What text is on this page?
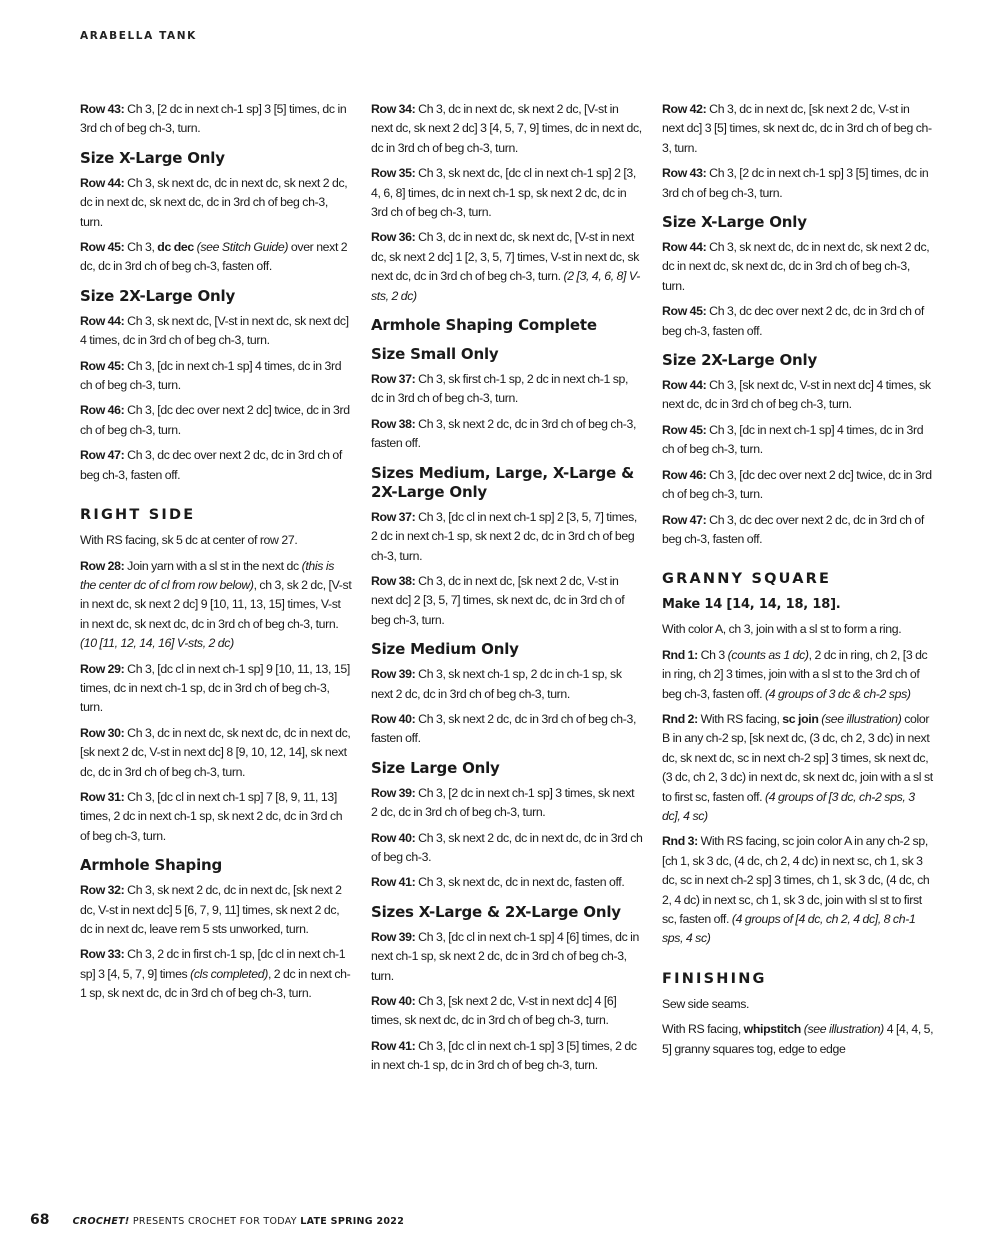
ARABELLA TANK

Row 43: Ch 3, [2 dc in next ch-1 sp] 3 [5] times, dc in 3rd ch of beg ch-3, turn.

Size X-Large Only

Row 44: Ch 3, sk next dc, dc in next dc, sk next 2 dc, dc in next dc, sk next dc, dc in 3rd ch of beg ch-3, turn.

Row 45: Ch 3, dc dec (see Stitch Guide) over next 2 dc, dc in 3rd ch of beg ch-3, fasten off.

Size 2X-Large Only

Row 44: Ch 3, sk next dc, [V-st in next dc, sk next dc] 4 times, dc in 3rd ch of beg ch-3, turn.

Row 45: Ch 3, [dc in next ch-1 sp] 4 times, dc in 3rd ch of beg ch-3, turn.

Row 46: Ch 3, [dc dec over next 2 dc] twice, dc in 3rd ch of beg ch-3, turn.

Row 47: Ch 3, dc dec over next 2 dc, dc in 3rd ch of beg ch-3, fasten off.

RIGHT SIDE

With RS facing, sk 5 dc at center of row 27.

Row 28: Join yarn with a sl st in the next dc (this is the center dc of cl from row below), ch 3, sk 2 dc, [V-st in next dc, sk next 2 dc] 9 [10, 11, 13, 15] times, V-st in next dc, sk next dc, dc in 3rd ch of beg ch-3, turn. (10 [11, 12, 14, 16] V-sts, 2 dc)

Row 29: Ch 3, [dc cl in next ch-1 sp] 9 [10, 11, 13, 15] times, dc in next ch-1 sp, dc in 3rd ch of beg ch-3, turn.

Row 30: Ch 3, dc in next dc, sk next dc, dc in next dc, [sk next 2 dc, V-st in next dc] 8 [9, 10, 12, 14], sk next dc, dc in 3rd ch of beg ch-3, turn.

Row 31: Ch 3, [dc cl in next ch-1 sp] 7 [8, 9, 11, 13] times, 2 dc in next ch-1 sp, sk next 2 dc, dc in 3rd ch of beg ch-3, turn.

Armhole Shaping

Row 32: Ch 3, sk next 2 dc, dc in next dc, [sk next 2 dc, V-st in next dc] 5 [6, 7, 9, 11] times, sk next 2 dc, dc in next dc, leave rem 5 sts unworked, turn.

Row 33: Ch 3, 2 dc in first ch-1 sp, [dc cl in next ch-1 sp] 3 [4, 5, 7, 9] times (cls completed), 2 dc in next ch-1 sp, sk next dc, dc in 3rd ch of beg ch-3, turn.

Row 34: Ch 3, dc in next dc, sk next 2 dc, [V-st in next dc, sk next 2 dc] 3 [4, 5, 7, 9] times, dc in next dc, dc in 3rd ch of beg ch-3, turn.

Row 35: Ch 3, sk next dc, [dc cl in next ch-1 sp] 2 [3, 4, 6, 8] times, dc in next ch-1 sp, sk next 2 dc, dc in 3rd ch of beg ch-3, turn.

Row 36: Ch 3, dc in next dc, sk next dc, [V-st in next dc, sk next 2 dc] 1 [2, 3, 5, 7] times, V-st in next dc, sk next dc, dc in 3rd ch of beg ch-3, turn. (2 [3, 4, 6, 8] V-sts, 2 dc)

Armhole Shaping Complete
Size Small Only

Row 37: Ch 3, sk first ch-1 sp, 2 dc in next ch-1 sp, dc in 3rd ch of beg ch-3, turn.

Row 38: Ch 3, sk next 2 dc, dc in 3rd ch of beg ch-3, fasten off.

Sizes Medium, Large, X-Large & 2X-Large Only

Row 37: Ch 3, [dc cl in next ch-1 sp] 2 [3, 5, 7] times, 2 dc in next ch-1 sp, sk next 2 dc, dc in 3rd ch of beg ch-3, turn.

Row 38: Ch 3, dc in next dc, [sk next 2 dc, V-st in next dc] 2 [3, 5, 7] times, sk next dc, dc in 3rd ch of beg ch-3, turn.

Size Medium Only

Row 39: Ch 3, sk next ch-1 sp, 2 dc in ch-1 sp, sk next 2 dc, dc in 3rd ch of beg ch-3, turn.

Row 40: Ch 3, sk next 2 dc, dc in 3rd ch of beg ch-3, fasten off.

Size Large Only

Row 39: Ch 3, [2 dc in next ch-1 sp] 3 times, sk next 2 dc, dc in 3rd ch of beg ch-3, turn.

Row 40: Ch 3, sk next 2 dc, dc in next dc, dc in 3rd ch of beg ch-3.

Row 41: Ch 3, sk next dc, dc in next dc, fasten off.

Sizes X-Large & 2X-Large Only

Row 39: Ch 3, [dc cl in next ch-1 sp] 4 [6] times, dc in next ch-1 sp, sk next 2 dc, dc in 3rd ch of beg ch-3, turn.

Row 40: Ch 3, [sk next 2 dc, V-st in next dc] 4 [6] times, sk next dc, dc in 3rd ch of beg ch-3, turn.

Row 41: Ch 3, [dc cl in next ch-1 sp] 3 [5] times, 2 dc in next ch-1 sp, dc in 3rd ch of beg ch-3, turn.

Row 42: Ch 3, dc in next dc, [sk next 2 dc, V-st in next dc] 3 [5] times, sk next dc, dc in 3rd ch of beg ch-3, turn.

Row 43: Ch 3, [2 dc in next ch-1 sp] 3 [5] times, dc in 3rd ch of beg ch-3, turn.

Size X-Large Only

Row 44: Ch 3, sk next dc, dc in next dc, sk next 2 dc, dc in next dc, sk next dc, dc in 3rd ch of beg ch-3, turn.

Row 45: Ch 3, dc dec over next 2 dc, dc in 3rd ch of beg ch-3, fasten off.

Size 2X-Large Only

Row 44: Ch 3, [sk next dc, V-st in next dc] 4 times, sk next dc, dc in 3rd ch of beg ch-3, turn.

Row 45: Ch 3, [dc in next ch-1 sp] 4 times, dc in 3rd ch of beg ch-3, turn.

Row 46: Ch 3, [dc dec over next 2 dc] twice, dc in 3rd ch of beg ch-3, turn.

Row 47: Ch 3, dc dec over next 2 dc, dc in 3rd ch of beg ch-3, fasten off.

GRANNY SQUARE
Make 14 [14, 14, 18, 18].

With color A, ch 3, join with a sl st to form a ring.

Rnd 1: Ch 3 (counts as 1 dc), 2 dc in ring, ch 2, [3 dc in ring, ch 2] 3 times, join with a sl st to the 3rd ch of beg ch-3, fasten off. (4 groups of 3 dc & ch-2 sps)

Rnd 2: With RS facing, sc join (see illustration) color B in any ch-2 sp, [sk next dc, (3 dc, ch 2, 3 dc) in next dc, sk next dc, sc in next ch-2 sp] 3 times, sk next dc, (3 dc, ch 2, 3 dc) in next dc, sk next dc, join with a sl st to first sc, fasten off. (4 groups of [3 dc, ch-2 sps, 3 dc], 4 sc)

Rnd 3: With RS facing, sc join color A in any ch-2 sp, [ch 1, sk 3 dc, (4 dc, ch 2, 4 dc) in next sc, ch 1, sk 3 dc, sc in next ch-2 sp] 3 times, ch 1, sk 3 dc, (4 dc, ch 2, 4 dc) in next sc, ch 1, sk 3 dc, join with sl st to first sc, fasten off. (4 groups of [4 dc, ch 2, 4 dc], 8 ch-1 sps, 4 sc)

FINISHING

Sew side seams.

With RS facing, whipstitch (see illustration) 4 [4, 4, 5, 5] granny squares tog, edge to edge

68 CROCHET! PRESENTS CROCHET FOR TODAY LATE SPRING 2022
